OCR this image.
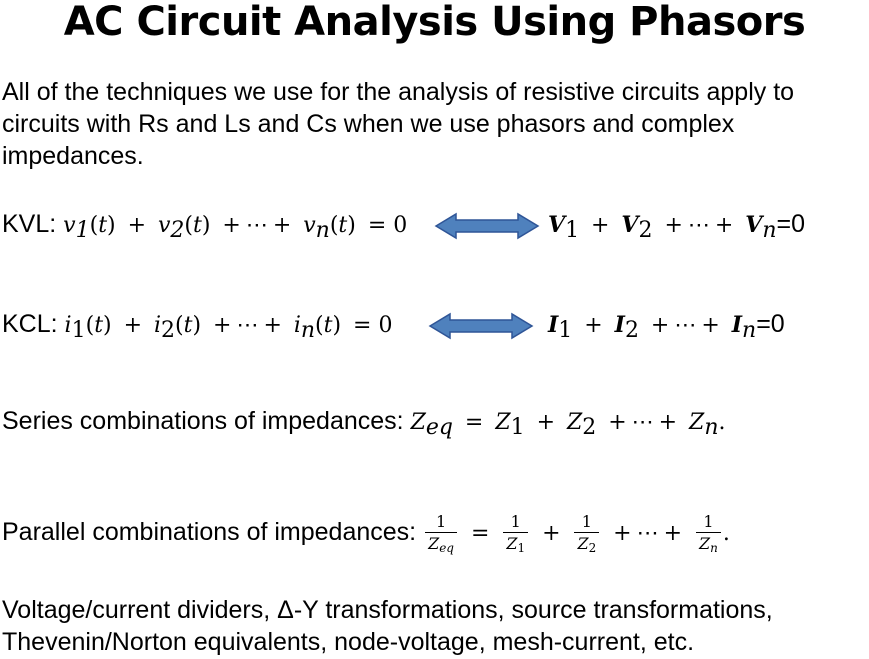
AC Circuit Analysis Using Phasors
All of the techniques we use for the analysis of resistive circuits apply to
circuits with Rs and Ls and Cs when we use phasors and complex
impedances.
KVL: $v_1(t) + v_2(t)$ + ⋯ + $v_n(t) = 0$	$V_1 + V_2$ + ⋯ + $V_n=0$
KCL: $i_1(t) + i_2(t)$ + ⋯ + $i_n(t) = 0$	$I_1 + I_2$ + ⋯ + $I_n=0$
Series combinations of impedances: $Z_{eq} = Z_1 + Z_2$ + ⋯ + $Z_n$.
Parallel combinations of impedances: $\frac{1}{Z_{eq}} = \frac{1}{Z_1} + \frac{1}{Z_2}$ + ⋯ + $\frac{1}{Z_n}$ .
Voltage/current dividers, Δ-Y transformations, source transformations,
Thevenin/Norton equivalents, node-voltage, mesh-current, etc.
